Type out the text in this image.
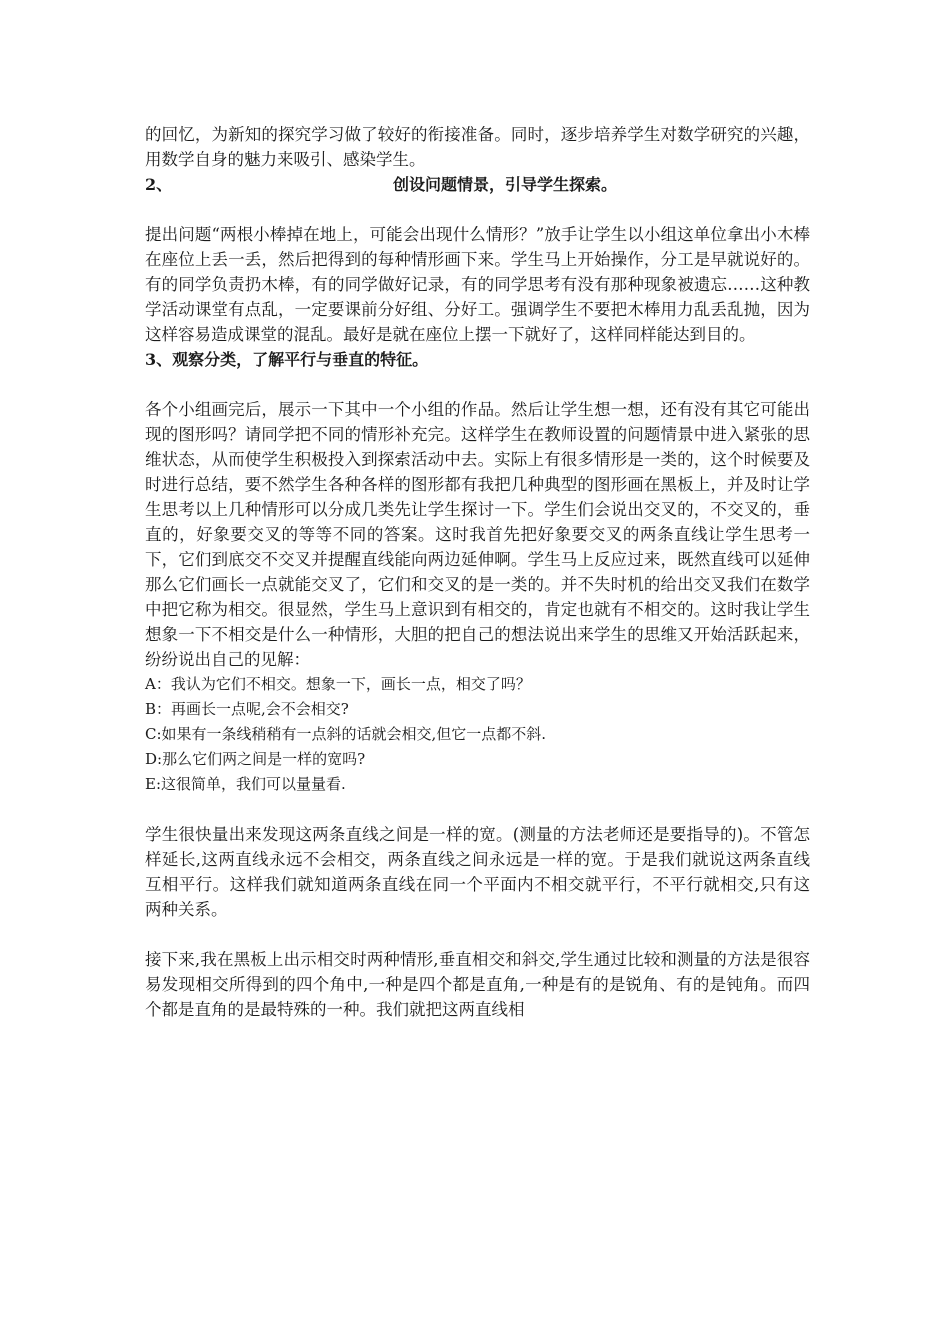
的回忆，为新知的探究学习做了较好的衔接准备。同时，逐步培养学生对数学研究的兴趣，用数学自身的魅力来吸引、感染学生。

2、	创设问题情景，引导学生探索。

提出问题“两根小棒掉在地上，可能会出现什么情形？”放手让学生以小组这单位拿出小木棒在座位上丢一丢，然后把得到的每种情形画下来。学生马上开始操作，分工是早就说好的。有的同学负责扔木棒，有的同学做好记录，有的同学思考有没有那种现象被遗忘……这种教学活动课堂有点乱，一定要课前分好组、分好工。强调学生不要把木棒用力乱丢乱抛，因为这样容易造成课堂的混乱。最好是就在座位上摆一下就好了，这样同样能达到目的。

3、观察分类，了解平行与垂直的特征。

各个小组画完后，展示一下其中一个小组的作品。然后让学生想一想，还有没有其它可能出现的图形吗？请同学把不同的情形补充完。这样学生在教师设置的问题情景中进入紧张的思维状态，从而使学生积极投入到探索活动中去。实际上有很多情形是一类的，这个时候要及时进行总结，要不然学生各种各样的图形都有我把几种典型的图形画在黑板上，并及时让学生思考以上几种情形可以分成几类先让学生探讨一下。学生们会说出交叉的，不交叉的，垂直的，好象要交叉的等等不同的答案。这时我首先把好象要交叉的两条直线让学生思考一下，它们到底交不交叉并提醒直线能向两边延伸啊。学生马上反应过来，既然直线可以延伸那么它们画长一点就能交叉了，它们和交叉的是一类的。并不失时机的给出交叉我们在数学中把它称为相交。很显然，学生马上意识到有相交的，肯定也就有不相交的。这时我让学生想象一下不相交是什么一种情形，大胆的把自己的想法说出来学生的思维又开始活跃起来，纷纷说出自己的见解：

A：我认为它们不相交。想象一下，画长一点，相交了吗？

B：再画长一点呢,会不会相交?

C:如果有一条线稍稍有一点斜的话就会相交,但它一点都不斜.

D:那么它们两之间是一样的宽吗?

E:这很简单，我们可以量量看.

学生很快量出来发现这两条直线之间是一样的宽。(测量的方法老师还是要指导的)。不管怎样延长,这两直线永远不会相交，两条直线之间永远是一样的宽。于是我们就说这两条直线互相平行。这样我们就知道两条直线在同一个平面内不相交就平行，不平行就相交,只有这两种关系。

接下来,我在黑板上出示相交时两种情形,垂直相交和斜交,学生通过比较和测量的方法是很容易发现相交所得到的四个角中,一种是四个都是直角,一种是有的是锐角、有的是钝角。而四个都是直角的是最特殊的一种。我们就把这两直线相
